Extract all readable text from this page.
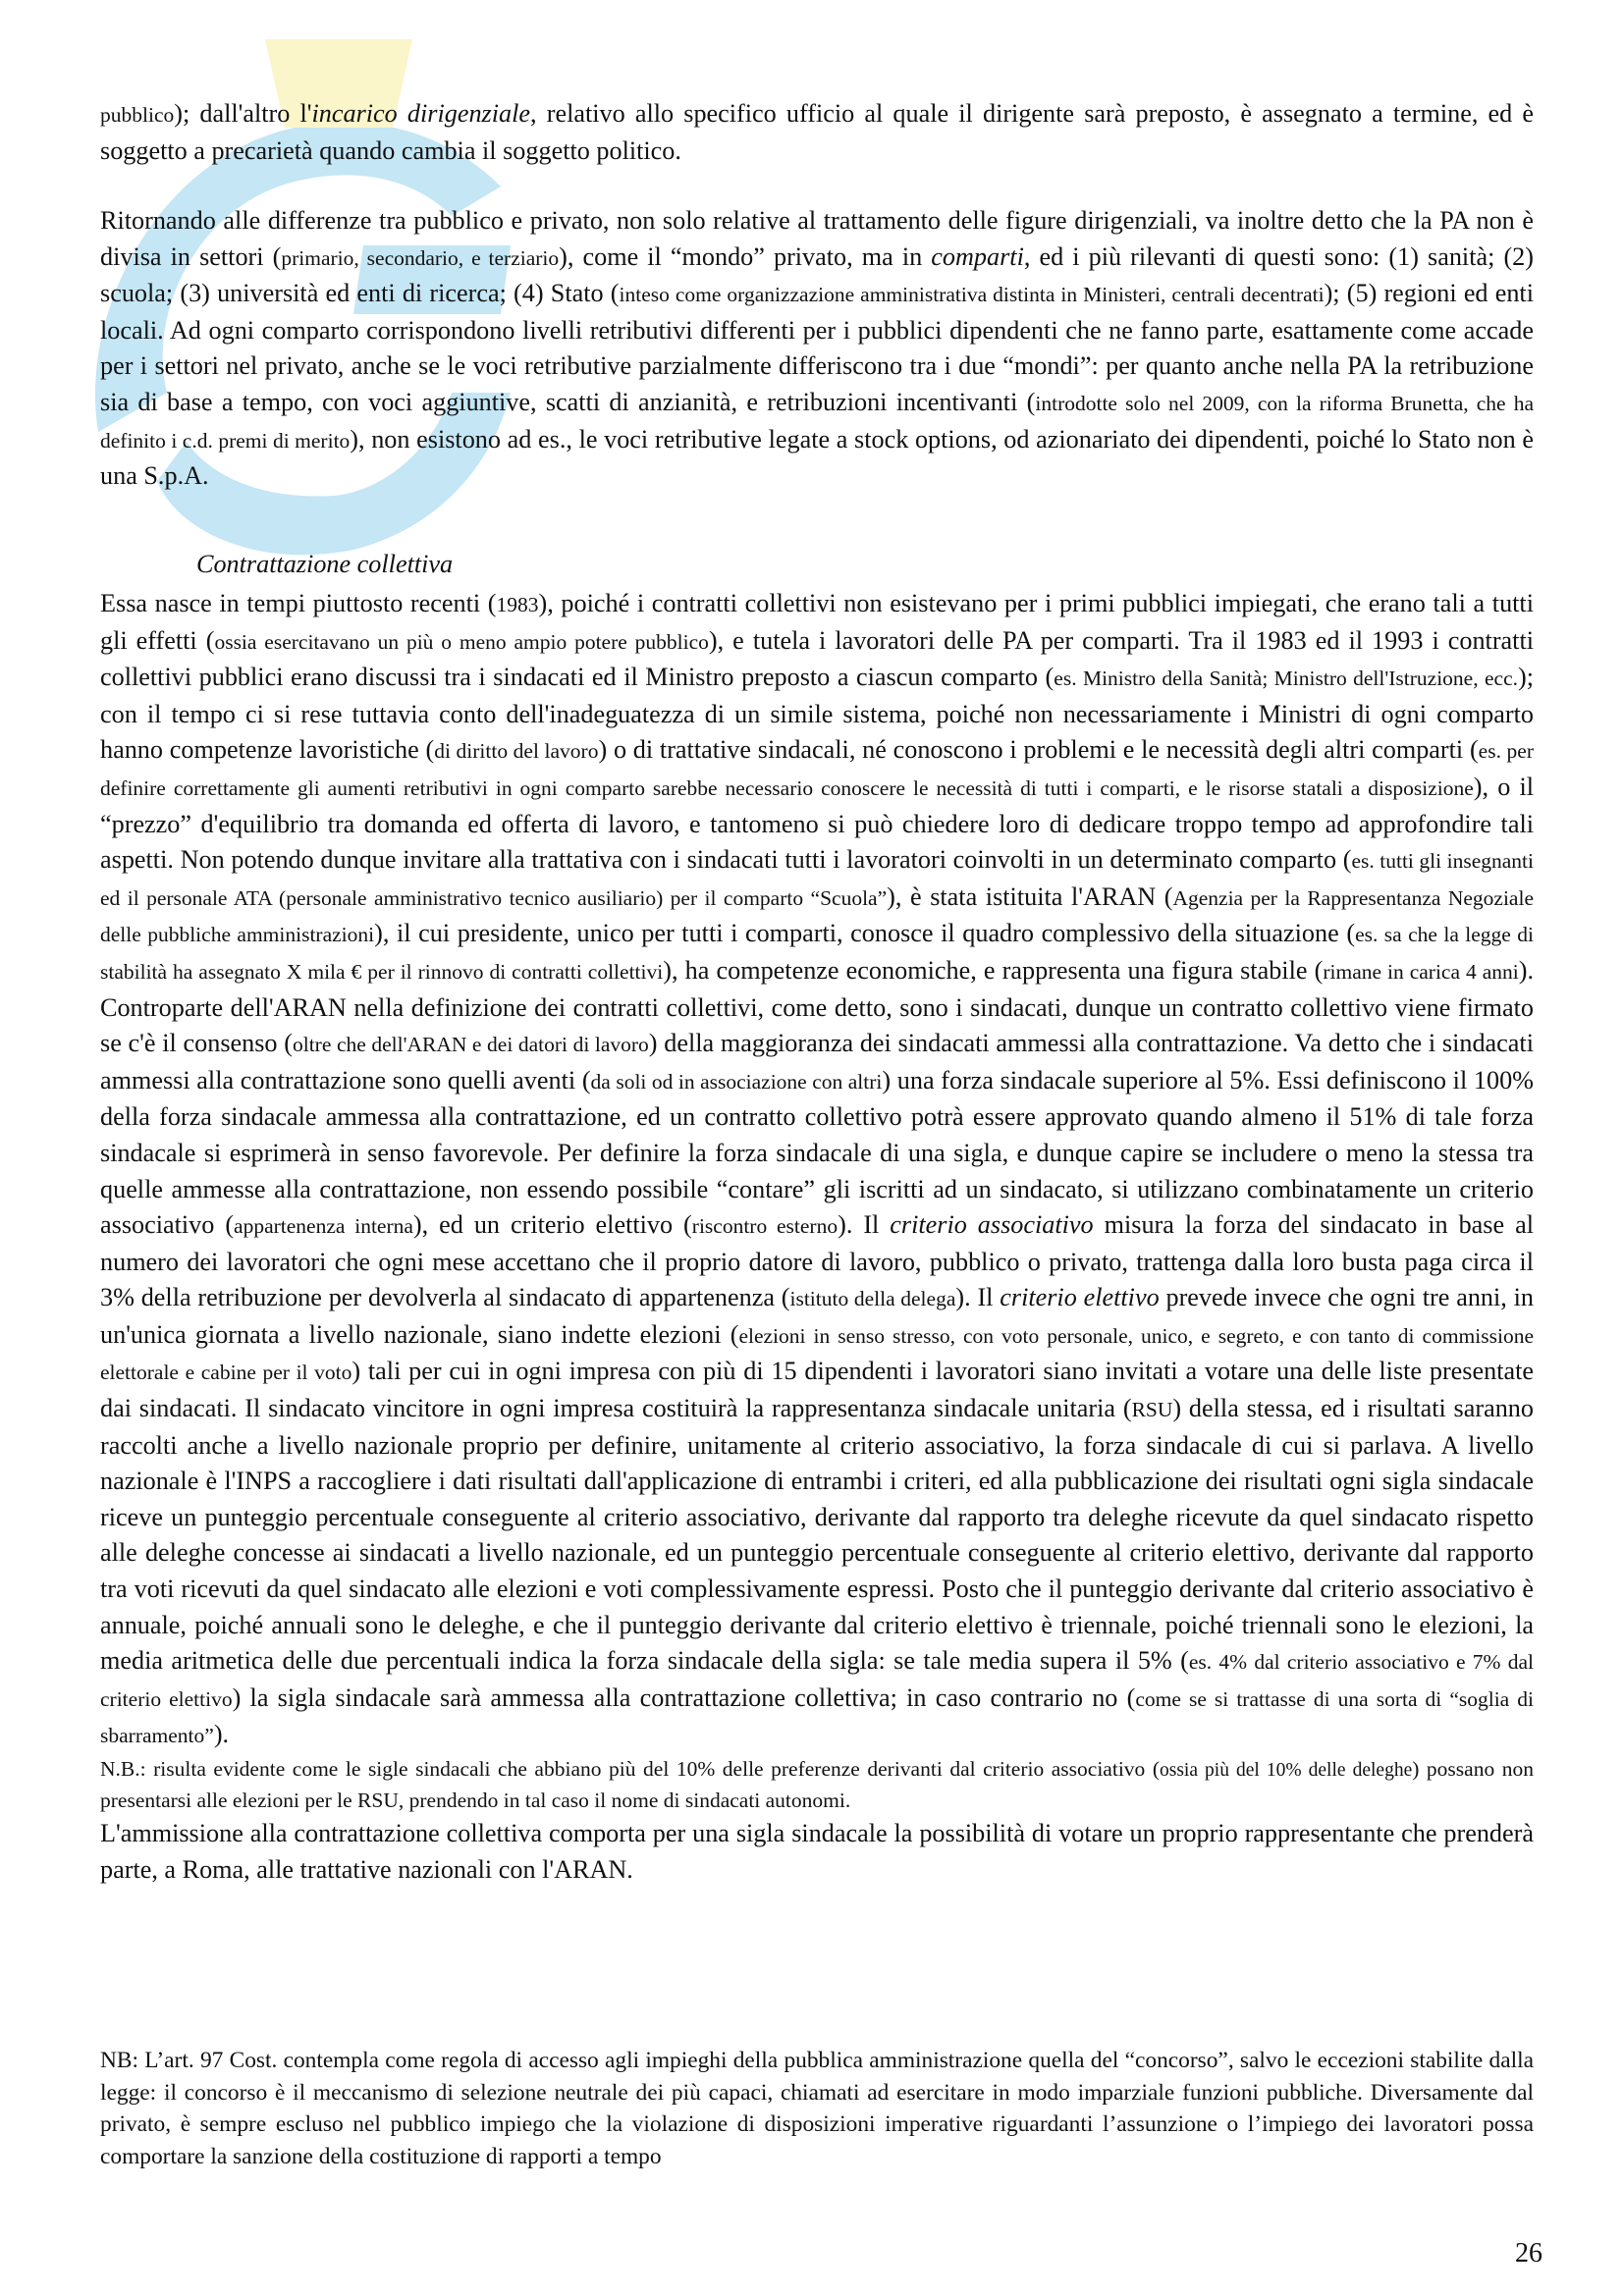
pubblico); dall'altro l'incarico dirigenziale, relativo allo specifico ufficio al quale il dirigente sarà preposto, è assegnato a termine, ed è soggetto a precarietà quando cambia il soggetto politico.

Ritornando alle differenze tra pubblico e privato, non solo relative al trattamento delle figure dirigenziali, va inoltre detto che la PA non è divisa in settori (primario, secondario, e terziario), come il “mondo” privato, ma in comparti, ed i più rilevanti di questi sono: (1) sanità; (2) scuola; (3) università ed enti di ricerca; (4) Stato (inteso come organizzazione amministrativa distinta in Ministeri, centrali decentrati); (5) regioni ed enti locali. Ad ogni comparto corrispondono livelli retributivi differenti per i pubblici dipendenti che ne fanno parte, esattamente come accade per i settori nel privato, anche se le voci retributive parzialmente differiscono tra i due “mondi”: per quanto anche nella PA la retribuzione sia di base a tempo, con voci aggiuntive, scatti di anzianità, e retribuzioni incentivanti (introdotte solo nel 2009, con la riforma Brunetta, che ha definito i c.d. premi di merito), non esistono ad es., le voci retributive legate a stock options, od azionariato dei dipendenti, poiché lo Stato non è una S.p.A.

Contrattazione collettiva

Essa nasce in tempi piuttosto recenti (1983), poiché i contratti collettivi non esistevano per i primi pubblici impiegati, che erano tali a tutti gli effetti (ossia esercitavano un più o meno ampio potere pubblico), e tutela i lavoratori delle PA per comparti. Tra il 1983 ed il 1993 i contratti collettivi pubblici erano discussi tra i sindacati ed il Ministro preposto a ciascun comparto (es. Ministro della Sanità; Ministro dell'Istruzione, ecc.); con il tempo ci si rese tuttavia conto dell'inadeguatezza di un simile sistema, poiché non necessariamente i Ministri di ogni comparto hanno competenze lavoristiche (di diritto del lavoro) o di trattative sindacali, né conoscono i problemi e le necessità degli altri comparti (es. per definire correttamente gli aumenti retributivi in ogni comparto sarebbe necessario conoscere le necessità di tutti i comparti, e le risorse statali a disposizione), o il “prezzo” d'equilibrio tra domanda ed offerta di lavoro, e tantomeno si può chiedere loro di dedicare troppo tempo ad approfondire tali aspetti. Non potendo dunque invitare alla trattativa con i sindacati tutti i lavoratori coinvolti in un determinato comparto (es. tutti gli insegnanti ed il personale ATA (personale amministrativo tecnico ausiliario) per il comparto “Scuola”), è stata istituita l'ARAN (Agenzia per la Rappresentanza Negoziale delle pubbliche amministrazioni), il cui presidente, unico per tutti i comparti, conosce il quadro complessivo della situazione (es. sa che la legge di stabilità ha assegnato X mila € per il rinnovo di contratti collettivi), ha competenze economiche, e rappresenta una figura stabile (rimane in carica 4 anni). Controparte dell'ARAN nella definizione dei contratti collettivi, come detto, sono i sindacati, dunque un contratto collettivo viene firmato se c'è il consenso (oltre che dell'ARAN e dei datori di lavoro) della maggioranza dei sindacati ammessi alla contrattazione. Va detto che i sindacati ammessi alla contrattazione sono quelli aventi (da soli od in associazione con altri) una forza sindacale superiore al 5%. Essi definiscono il 100% della forza sindacale ammessa alla contrattazione, ed un contratto collettivo potrà essere approvato quando almeno il 51% di tale forza sindacale si esprimerà in senso favorevole. Per definire la forza sindacale di una sigla, e dunque capire se includere o meno la stessa tra quelle ammesse alla contrattazione, non essendo possibile “contare” gli iscritti ad un sindacato, si utilizzano combinatamente un criterio associativo (appartenenza interna), ed un criterio elettivo (riscontro esterno). Il criterio associativo misura la forza del sindacato in base al numero dei lavoratori che ogni mese accettano che il proprio datore di lavoro, pubblico o privato, trattenga dalla loro busta paga circa il 3% della retribuzione per devolverla al sindacato di appartenenza (istituto della delega). Il criterio elettivo prevede invece che ogni tre anni, in un'unica giornata a livello nazionale, siano indette elezioni (elezioni in senso stresso, con voto personale, unico, e segreto, e con tanto di commissione elettorale e cabine per il voto) tali per cui in ogni impresa con più di 15 dipendenti i lavoratori siano invitati a votare una delle liste presentate dai sindacati. Il sindacato vincitore in ogni impresa costituirà la rappresentanza sindacale unitaria (RSU) della stessa, ed i risultati saranno raccolti anche a livello nazionale proprio per definire, unitamente al criterio associativo, la forza sindacale di cui si parlava. A livello nazionale è l'INPS a raccogliere i dati risultati dall'applicazione di entrambi i criteri, ed alla pubblicazione dei risultati ogni sigla sindacale riceve un punteggio percentuale conseguente al criterio associativo, derivante dal rapporto tra deleghe ricevute da quel sindacato rispetto alle deleghe concesse ai sindacati a livello nazionale, ed un punteggio percentuale conseguente al criterio elettivo, derivante dal rapporto tra voti ricevuti da quel sindacato alle elezioni e voti complessivamente espressi. Posto che il punteggio derivante dal criterio associativo è annuale, poiché annuali sono le deleghe, e che il punteggio derivante dal criterio elettivo è triennale, poiché triennali sono le elezioni, la media aritmetica delle due percentuali indica la forza sindacale della sigla: se tale media supera il 5% (es. 4% dal criterio associativo e 7% dal criterio elettivo) la sigla sindacale sarà ammessa alla contrattazione collettiva; in caso contrario no (come se si trattasse di una sorta di “soglia di sbarramento”).

N.B.: risulta evidente come le sigle sindacali che abbiano più del 10% delle preferenze derivanti dal criterio associativo (ossia più del 10% delle deleghe) possano non presentarsi alle elezioni per le RSU, prendendo in tal caso il nome di sindacati autonomi.

L'ammissione alla contrattazione collettiva comporta per una sigla sindacale la possibilità di votare un proprio rappresentante che prenderà parte, a Roma, alle trattative nazionali con l'ARAN.

NB: L’art. 97 Cost. contempla come regola di accesso agli impieghi della pubblica amministrazione quella del “concorso”, salvo le eccezioni stabilite dalla legge: il concorso è il meccanismo di selezione neutrale dei più capaci, chiamati ad esercitare in modo imparziale funzioni pubbliche. Diversamente dal privato, è sempre escluso nel pubblico impiego che la violazione di disposizioni imperative riguardanti l’assunzione o l’impiego dei lavoratori possa comportare la sanzione della costituzione di rapporti a tempo

26
